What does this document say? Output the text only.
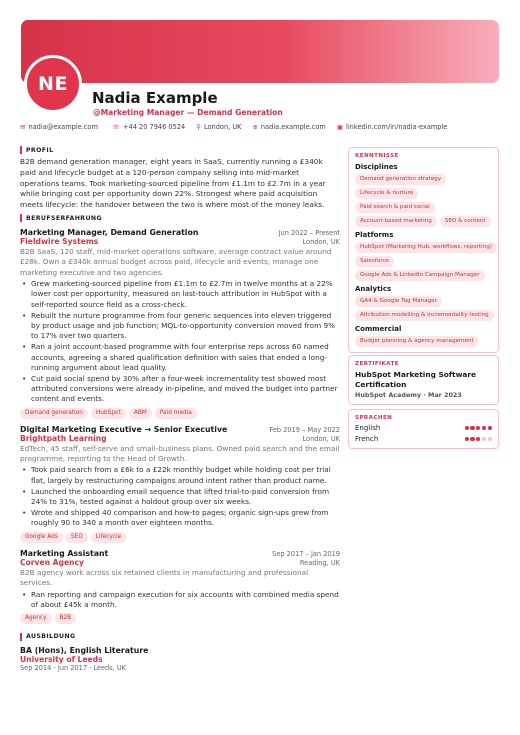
NE
Nadia Example
@Marketing Manager — Demand Generation
✉ nadia@example.com ☏ +44 20 7946 0524 ⚲ London, UK ⊕ nadia.example.com ▣ linkedin.com/in/nadia-example
PROFIL
B2B demand generation manager, eight years in SaaS, currently running a £340k paid and lifecycle budget at a 120-person company selling into mid-market operations teams. Took marketing-sourced pipeline from £1.1m to £2.7m in a year while bringing cost per opportunity down 22%. Strongest where paid acquisition meets lifecycle: the handover between the two is where most of the money leaks.
BERUFSERFAHRUNG
Marketing Manager, Demand Generation	Jun 2022 – Present
Fieldwire Systems	London, UK
B2B SaaS, 120 staff, mid-market operations software, average contract value around £28k. Own a £340k annual budget across paid, lifecycle and events; manage one marketing executive and two agencies.
• Grew marketing-sourced pipeline from £1.1m to £2.7m in twelve months at a 22% lower cost per opportunity, measured on last-touch attribution in HubSpot with a self-reported source field as a cross-check.
• Rebuilt the nurture programme from four generic sequences into eleven triggered by product usage and job function; MQL-to-opportunity conversion moved from 9% to 17% over two quarters.
• Ran a joint account-based programme with four enterprise reps across 60 named accounts, agreeing a shared qualification definition with sales that ended a long-running argument about lead quality.
• Cut paid social spend by 30% after a four-week incrementality test showed most attributed conversions were already in-pipeline, and moved the budget into partner content and events.
Demand generation	HubSpot	ABM	Paid media
Digital Marketing Executive → Senior Executive	Feb 2019 – May 2022
Brightpath Learning	London, UK
EdTech, 45 staff, self-serve and small-business plans. Owned paid search and the email programme, reporting to the Head of Growth.
• Took paid search from a £6k to a £22k monthly budget while holding cost per trial flat, largely by restructuring campaigns around intent rather than product name.
• Launched the onboarding email sequence that lifted trial-to-paid conversion from 24% to 31%, tested against a holdout group over six weeks.
• Wrote and shipped 40 comparison and how-to pages; organic sign-ups grew from roughly 90 to 340 a month over eighteen months.
Google Ads	SEO	Lifecycle
Marketing Assistant	Sep 2017 – Jan 2019
Corven Agency	Reading, UK
B2B agency work across six retained clients in manufacturing and professional services.
• Ran reporting and campaign execution for six accounts with combined media spend of about £45k a month.
Agency	B2B
AUSBILDUNG
BA (Hons), English Literature
University of Leeds
Sep 2014 - Jun 2017 · Leeds, UK
KENNTNISSE
Disciplines
Demand generation strategy
Lifecycle & nurture
Paid search & paid social
Account-based marketing	SEO & content
Platforms
HubSpot (Marketing Hub, workflows, reporting)
Salesforce
Google Ads & LinkedIn Campaign Manager
Analytics
GA4 & Google Tag Manager
Attribution modelling & incrementality testing
Commercial
Budget planning & agency management
ZERTIFIKATE
HubSpot Marketing Software Certification
HubSpot Academy · Mar 2023
SPRACHEN
English
French
